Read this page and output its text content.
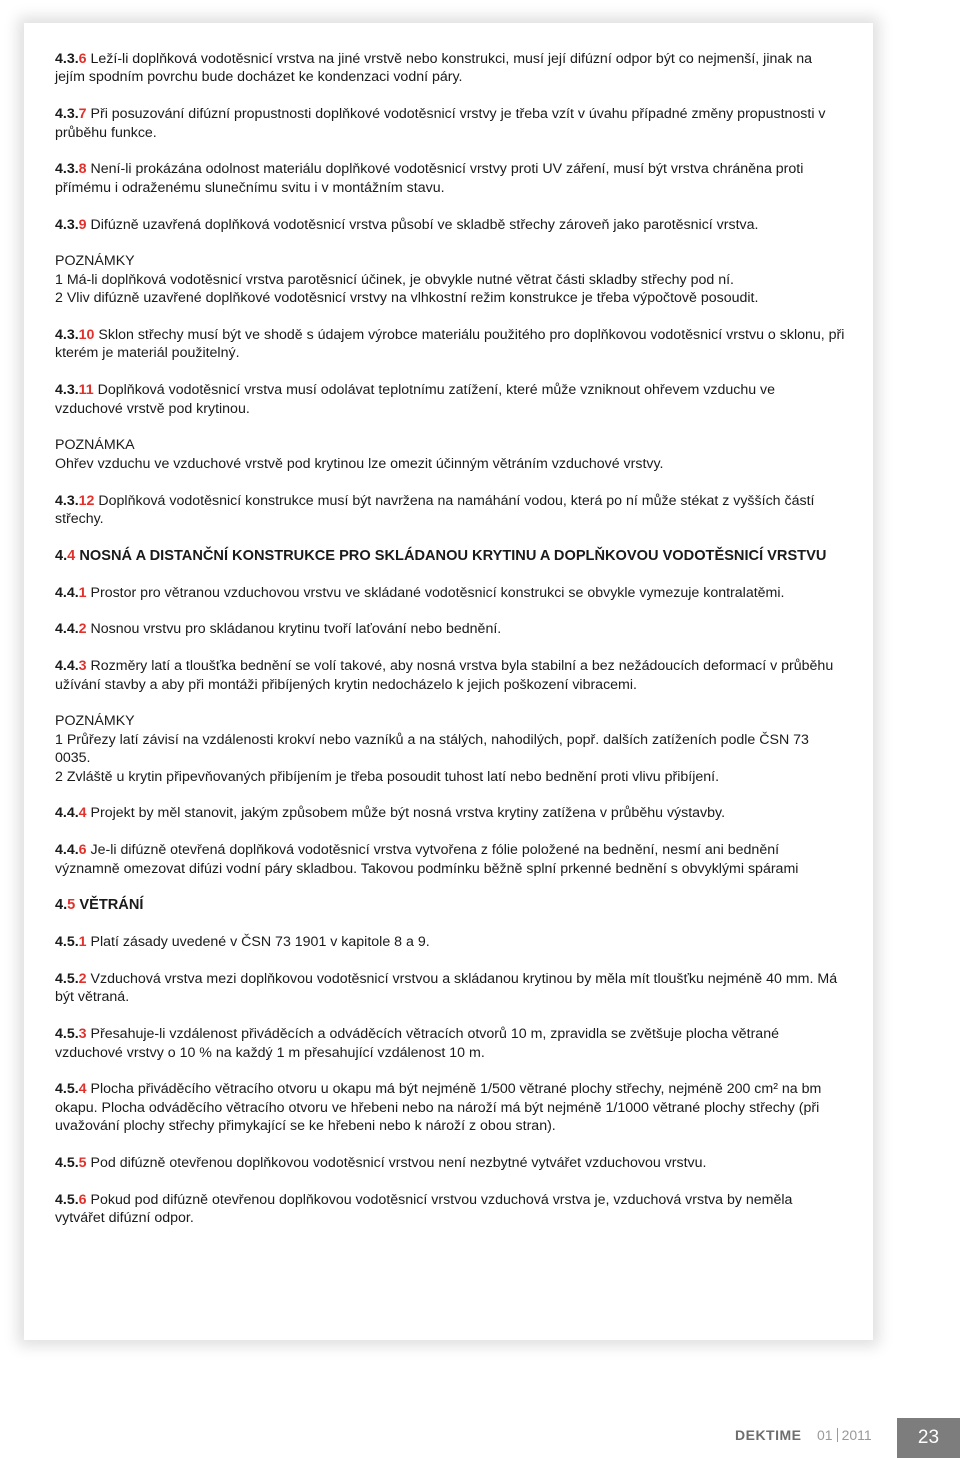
4.3.6 Leží-li doplňková vodotěsnicí vrstva na jiné vrstvě nebo konstrukci, musí její difúzní odpor být co nejmenší, jinak na jejím spodním povrchu bude docházet ke kondenzaci vodní páry.

4.3.7 Při posuzování difúzní propustnosti doplňkové vodotěsnicí vrstvy je třeba vzít v úvahu případné změny propustnosti v průběhu funkce.

4.3.8 Není-li prokázána odolnost materiálu doplňkové vodotěsnicí vrstvy proti UV záření, musí být vrstva chráněna proti přímému i odraženému slunečnímu svitu i v montážním stavu.

4.3.9 Difúzně uzavřená doplňková vodotěsnicí vrstva působí ve skladbě střechy zároveň jako parotěsnicí vrstva.

POZNÁMKY
1 Má-li doplňková vodotěsnicí vrstva parotěsnicí účinek, je obvykle nutné větrat části skladby střechy pod ní.
2 Vliv difúzně uzavřené doplňkové vodotěsnicí vrstvy na vlhkostní režim konstrukce je třeba výpočtově posoudit.

4.3.10 Sklon střechy musí být ve shodě s údajem výrobce materiálu použitého pro doplňkovou vodotěsnicí vrstvu o sklonu, při kterém je materiál použitelný.

4.3.11 Doplňková vodotěsnicí vrstva musí odolávat teplotnímu zatížení, které může vzniknout ohřevem vzduchu ve vzduchové vrstvě pod krytinou.

POZNÁMKA
Ohřev vzduchu ve vzduchové vrstvě pod krytinou lze omezit účinným větráním vzduchové vrstvy.

4.3.12 Doplňková vodotěsnicí konstrukce musí být navržena na namáhání vodou, která po ní může stékat z vyšších částí střechy.

4.4 NOSNÁ A DISTANČNÍ KONSTRUKCE PRO SKLÁDANOU KRYTINU A DOPLŇKOVOU VODOTĚSNICÍ VRSTVU

4.4.1 Prostor pro větranou vzduchovou vrstvu ve skládané vodotěsnicí konstrukci se obvykle vymezuje kontralatěmi.

4.4.2 Nosnou vrstvu pro skládanou krytinu tvoří laťování nebo bednění.

4.4.3 Rozměry latí a tloušťka bednění se volí takové, aby nosná vrstva byla stabilní a bez nežádoucích deformací v průběhu užívání stavby a aby při montáži přibíjených krytin nedocházelo k jejich poškození vibracemi.

POZNÁMKY
1 Průřezy latí závisí na vzdálenosti krokví nebo vazníků a na stálých, nahodilých, popř. dalších zatíženích podle ČSN 73 0035.
2 Zvláště u krytin připevňovaných přibíjením je třeba posoudit tuhost latí nebo bednění proti vlivu přibíjení.

4.4.4 Projekt by měl stanovit, jakým způsobem může být nosná vrstva krytiny zatížena v průběhu výstavby.

4.4.6 Je-li difúzně otevřená doplňková vodotěsnicí vrstva vytvořena z fólie položené na bednění, nesmí ani bednění významně omezovat difúzi vodní páry skladbou. Takovou podmínku běžně splní prkenné bednění s obvyklými spárami

4.5 VĚTRÁNÍ

4.5.1 Platí zásady uvedené v ČSN 73 1901 v kapitole 8 a 9.

4.5.2 Vzduchová vrstva mezi doplňkovou vodotěsnicí vrstvou a skládanou krytinou by měla mít tloušťku nejméně 40 mm. Má být větraná.

4.5.3 Přesahuje-li vzdálenost přiváděcích a odváděcích větracích otvorů 10 m, zpravidla se zvětšuje plocha větrané vzduchové vrstvy o 10 % na každý 1 m přesahující vzdálenost 10 m.

4.5.4 Plocha přiváděcího větracího otvoru u okapu má být nejméně 1/500 větrané plochy střechy, nejméně 200 cm² na bm okapu. Plocha odváděcího větracího otvoru ve hřebeni nebo na nároží má být nejméně 1/1000 větrané plochy střechy (při uvažování plochy střechy přimykající se ke hřebeni nebo k nároží z obou stran).

4.5.5 Pod difúzně otevřenou doplňkovou vodotěsnicí vrstvou není nezbytné vytvářet vzduchovou vrstvu.

4.5.6 Pokud pod difúzně otevřenou doplňkovou vodotěsnicí vrstvou vzduchová vrstva je, vzduchová vrstva by neměla vytvářet difúzní odpor.

DEKTIME 01 2011	23
